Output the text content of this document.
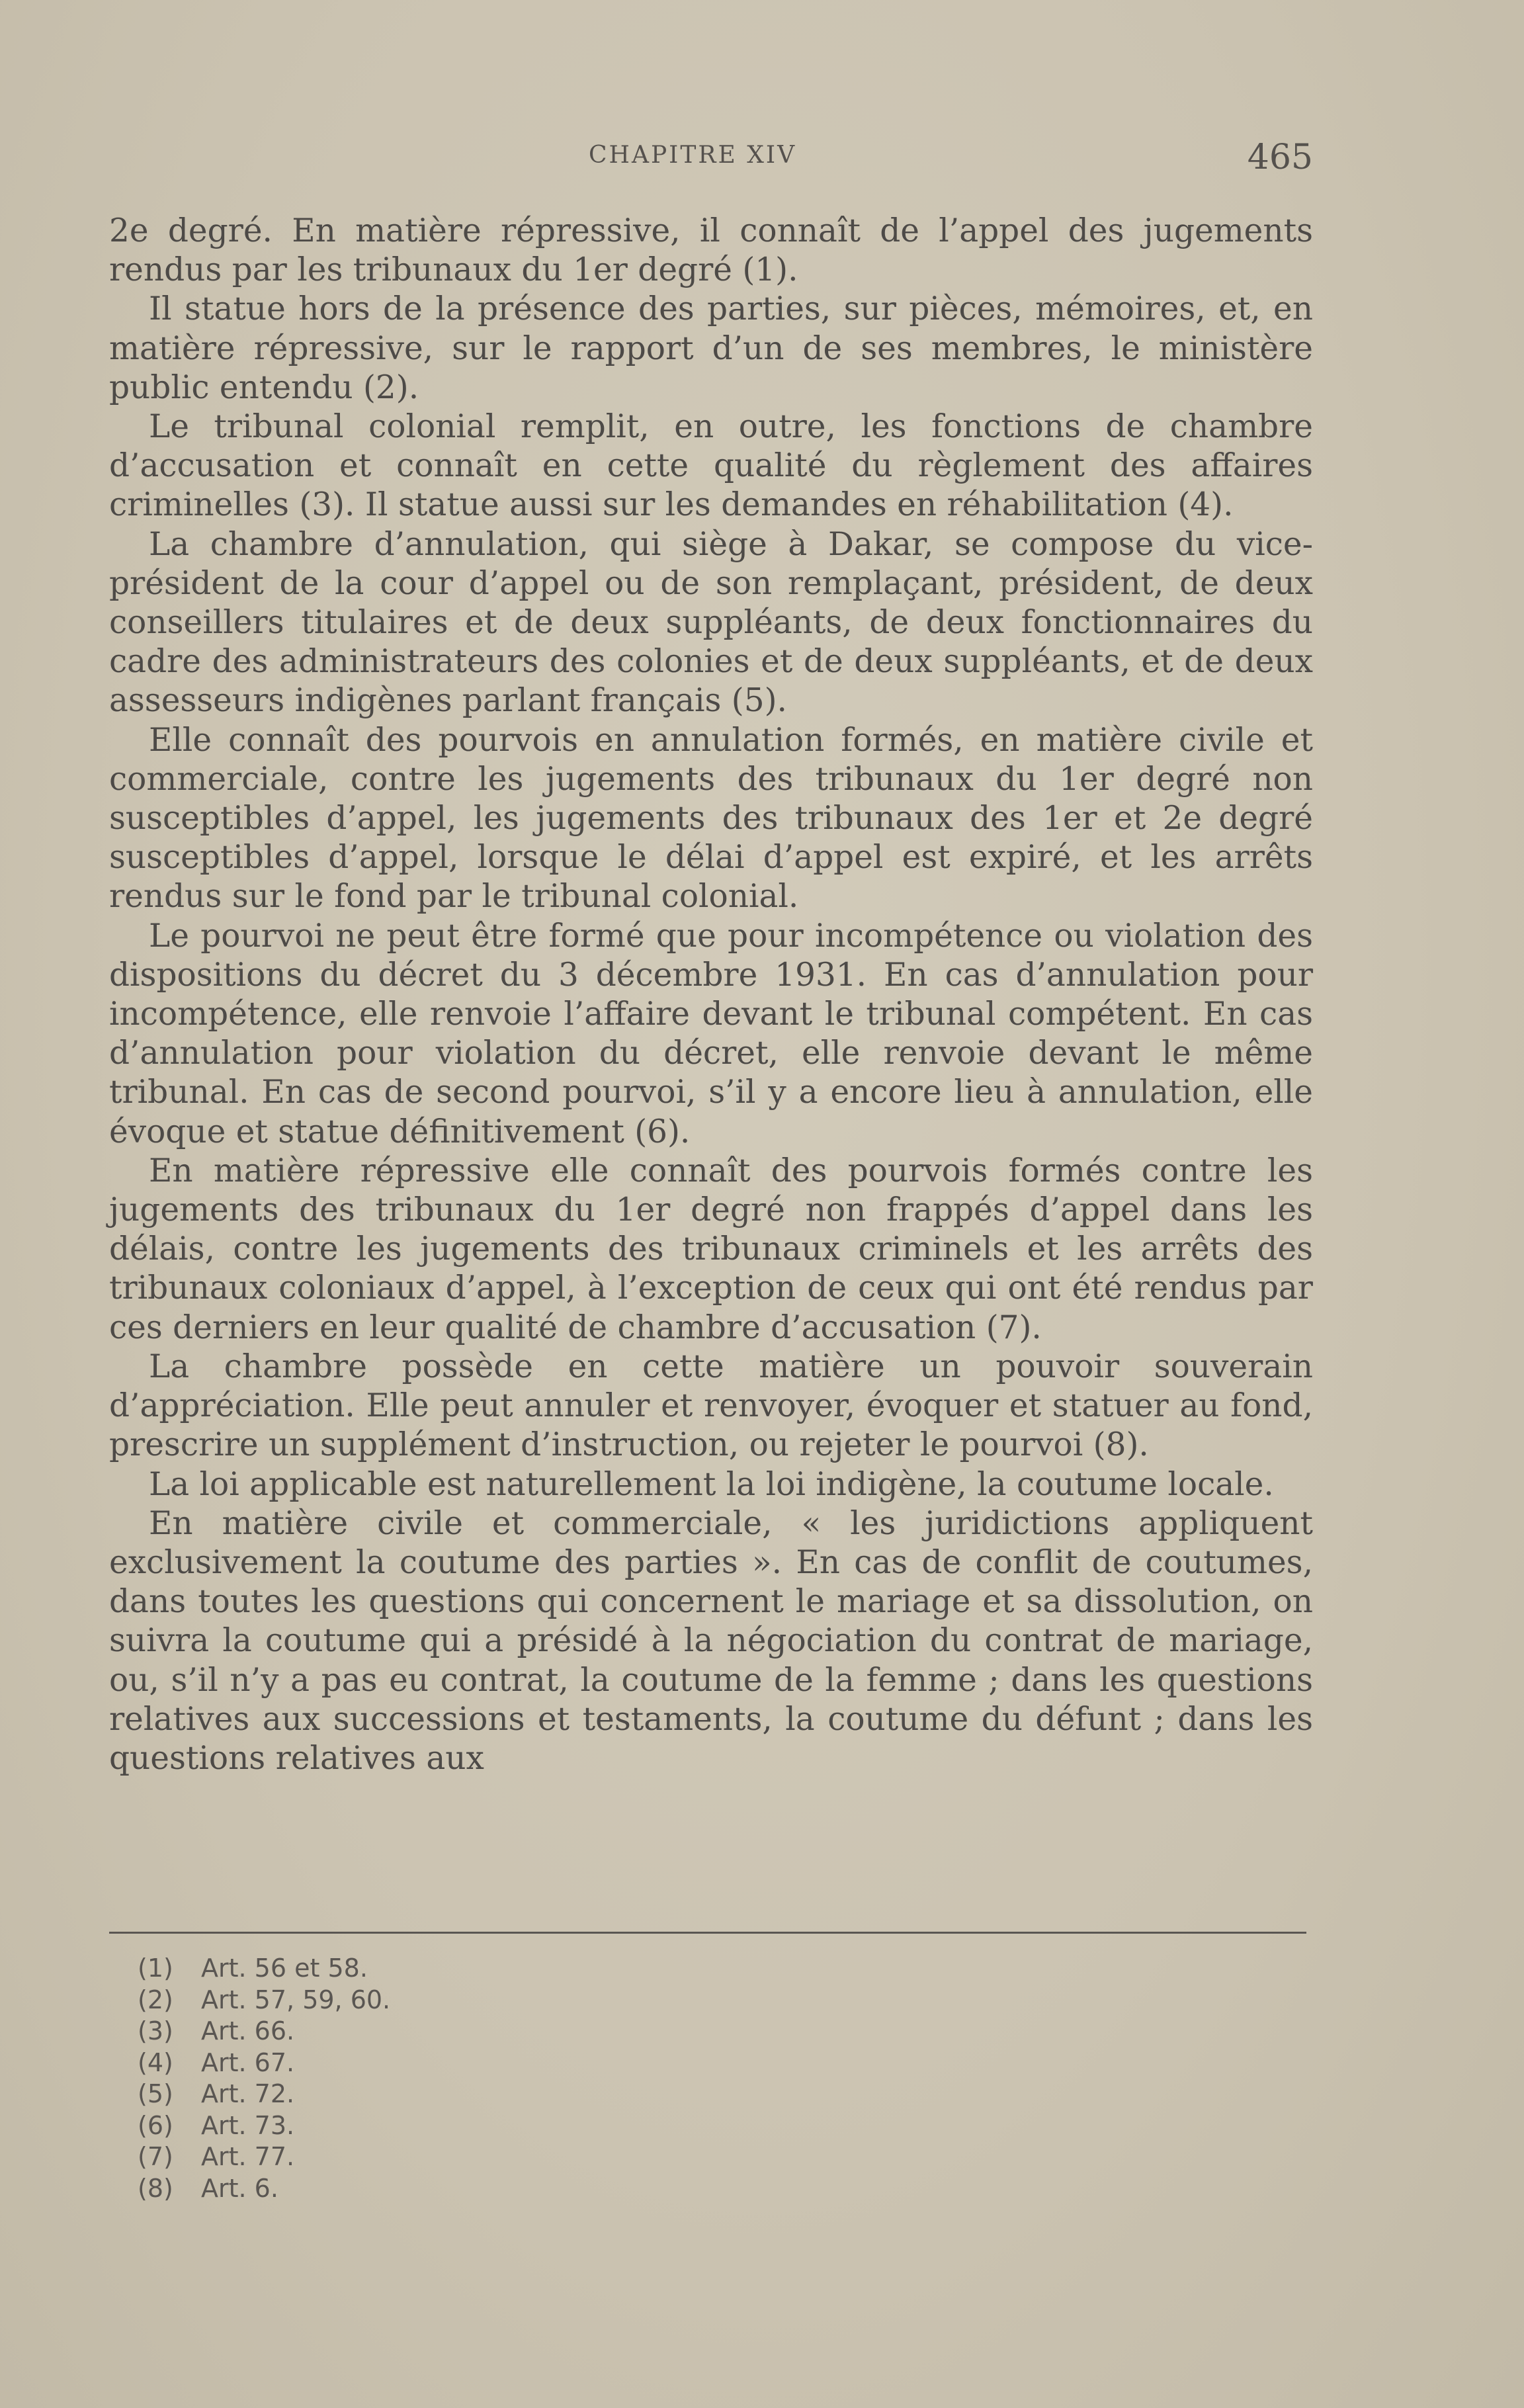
CHAPITRE XIV	465

2e degré. En matière répressive, il connaît de l’appel des jugements rendus par les tribunaux du 1er degré (1).

Il statue hors de la présence des parties, sur pièces, mémoires, et, en matière répressive, sur le rapport d’un de ses membres, le ministère public entendu (2).

Le tribunal colonial remplit, en outre, les fonctions de chambre d’accusation et connaît en cette qualité du règlement des affaires criminelles (3). Il statue aussi sur les demandes en réhabilitation (4).

La chambre d’annulation, qui siège à Dakar, se compose du vice-président de la cour d’appel ou de son remplaçant, président, de deux conseillers titulaires et de deux suppléants, de deux fonctionnaires du cadre des administrateurs des colonies et de deux suppléants, et de deux assesseurs indigènes parlant français (5).

Elle connaît des pourvois en annulation formés, en matière civile et commerciale, contre les jugements des tribunaux du 1er degré non susceptibles d’appel, les jugements des tribunaux des 1er et 2e degré susceptibles d’appel, lorsque le délai d’appel est expiré, et les arrêts rendus sur le fond par le tribunal colonial.

Le pourvoi ne peut être formé que pour incompétence ou violation des dispositions du décret du 3 décembre 1931. En cas d’annulation pour incompétence, elle renvoie l’affaire devant le tribunal compétent. En cas d’annulation pour violation du décret, elle renvoie devant le même tribunal. En cas de second pourvoi, s’il y a encore lieu à annulation, elle évoque et statue définitivement (6).

En matière répressive elle connaît des pourvois formés contre les jugements des tribunaux du 1er degré non frappés d’appel dans les délais, contre les jugements des tribunaux criminels et les arrêts des tribunaux coloniaux d’appel, à l’exception de ceux qui ont été rendus par ces derniers en leur qualité de chambre d’accusation (7).

La chambre possède en cette matière un pouvoir souverain d’appréciation. Elle peut annuler et renvoyer, évoquer et statuer au fond, prescrire un supplément d’instruction, ou rejeter le pourvoi (8).

La loi applicable est naturellement la loi indigène, la coutume locale.

En matière civile et commerciale, « les juridictions appliquent exclusivement la coutume des parties ». En cas de conflit de coutumes, dans toutes les questions qui concernent le mariage et sa dissolution, on suivra la coutume qui a présidé à la négociation du contrat de mariage, ou, s’il n’y a pas eu contrat, la coutume de la femme ; dans les questions relatives aux successions et testaments, la coutume du défunt ; dans les questions relatives aux

(1) Art. 56 et 58.
(2) Art. 57, 59, 60.
(3) Art. 66.
(4) Art. 67.
(5) Art. 72.
(6) Art. 73.
(7) Art. 77.
(8) Art. 6.
